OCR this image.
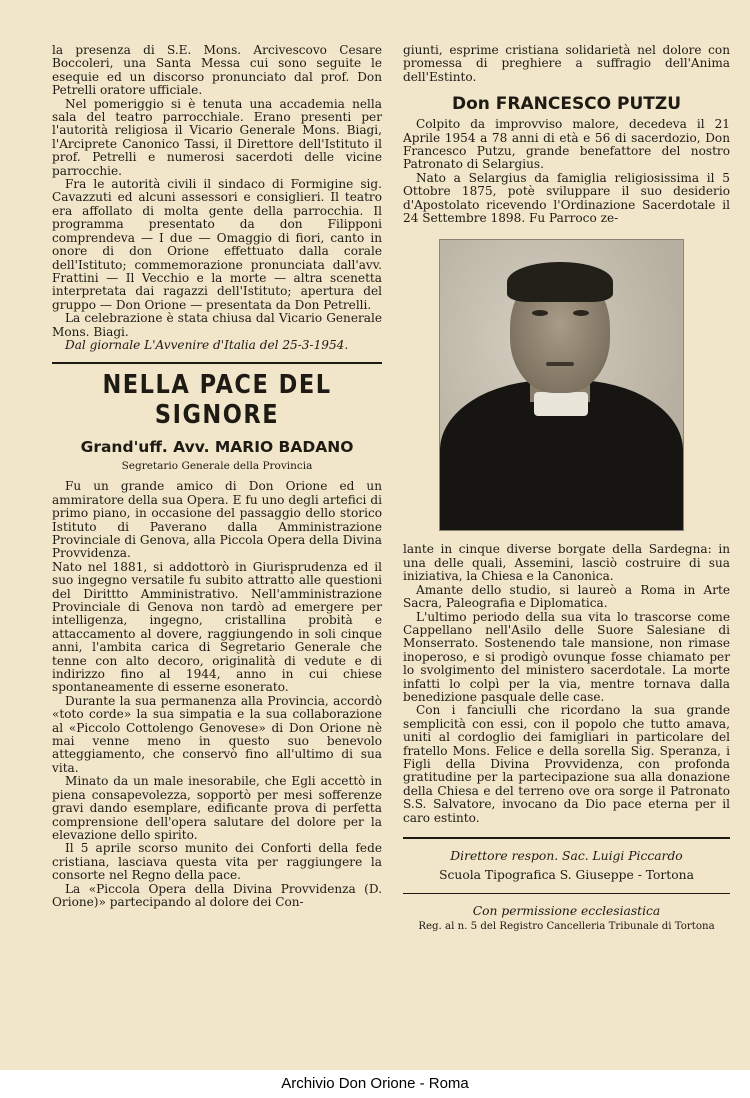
la presenza di S.E. Mons. Arcivescovo Cesare Boccoleri, una Santa Messa cui sono seguite le esequie ed un discorso pronunciato dal prof. Don Petrelli oratore ufficiale.

Nel pomeriggio si è tenuta una accademia nella sala del teatro parrocchiale. Erano presenti per l'autorità religiosa il Vicario Generale Mons. Biagi, l'Arciprete Canonico Tassi, il Direttore dell'Istituto il prof. Petrelli e numerosi sacerdoti delle vicine parrocchie.

Fra le autorità civili il sindaco di Formigine sig. Cavazzuti ed alcuni assessori e consiglieri. Il teatro era affollato di molta gente della parrocchia. Il programma presentato da don Filipponi comprendeva — I due — Omaggio di fiori, canto in onore di don Orione effettuato dalla corale dell'Istituto; commemorazione pronunciata dall'avv. Frattini — Il Vecchio e la morte — altra scenetta interpretata dai ragazzi dell'Istituto; apertura del gruppo — Don Orione — presentata da Don Petrelli.

La celebrazione è stata chiusa dal Vicario Generale Mons. Biagi.

Dal giornale L'Avvenire d'Italia del 25-3-1954.

NELLA PACE DEL SIGNORE
Grand'uff. Avv. MARIO BADANO
Segretario Generale della Provincia

Fu un grande amico di Don Orione ed un ammiratore della sua Opera. E fu uno degli artefici di primo piano, in occasione del passaggio dello storico Istituto di Paverano dalla Amministrazione Provinciale di Genova, alla Piccola Opera della Divina Provvidenza.

Nato nel 1881, si addottorò in Giurisprudenza ed il suo ingegno versatile fu subito attratto alle questioni del Dirittto Amministrativo. Nell'amministrazione Provinciale di Genova non tardò ad emergere per intelligenza, ingegno, cristallina probità e attaccamento al dovere, raggiungendo in soli cinque anni, l'ambita carica di Segretario Generale che tenne con alto decoro, originalità di vedute e di indirizzo fino al 1944, anno in cui chiese spontaneamente di esserne esonerato.

Durante la sua permanenza alla Provincia, accordò «toto corde» la sua simpatia e la sua collaborazione al «Piccolo Cottolengo Genovese» di Don Orione nè mai venne meno in questo suo benevolo atteggiamento, che conservò fino all'ultimo di sua vita.

Minato da un male inesorabile, che Egli accettò in piena consapevolezza, sopportò per mesi sofferenze gravi dando esemplare, edificante prova di perfetta comprensione dell'opera salutare del dolore per la elevazione dello spirito.

Il 5 aprile scorso munito dei Conforti della fede cristiana, lasciava questa vita per raggiungere la consorte nel Regno della pace.

La «Piccola Opera della Divina Provvidenza (D. Orione)» partecipando al dolore dei Con-

giunti, esprime cristiana solidarietà nel dolore con promessa di preghiere a suffragio dell'Anima dell'Estinto.

Don FRANCESCO PUTZU

Colpito da improvviso malore, decedeva il 21 Aprile 1954 a 78 anni di età e 56 di sacerdozio, Don Francesco Putzu, grande benefattore del nostro Patronato di Selargius.

Nato a Selargius da famiglia religiosissima il 5 Ottobre 1875, potè sviluppare il suo desiderio d'Apostolato ricevendo l'Ordinazione Sacerdotale il 24 Settembre 1898. Fu Parroco ze-

lante in cinque diverse borgate della Sardegna: in una delle quali, Assemini, lasciò costruire di sua iniziativa, la Chiesa e la Canonica.

Amante dello studio, si laureò a Roma in Arte Sacra, Paleografia e Diplomatica.

L'ultimo periodo della sua vita lo trascorse come Cappellano nell'Asilo delle Suore Salesiane di Monserrato. Sostenendo tale mansione, non rimase inoperoso, e si prodigò ovunque fosse chiamato per lo svolgimento del ministero sacerdotale. La morte infatti lo colpì per la via, mentre tornava dalla benedizione pasquale delle case.

Con i fanciulli che ricordano la sua grande semplicità con essi, con il popolo che tutto amava, uniti al cordoglio dei famigliari in particolare del fratello Mons. Felice e della sorella Sig. Speranza, i Figli della Divina Provvidenza, con profonda gratitudine per la partecipazione sua alla donazione della Chiesa e del terreno ove ora sorge il Patronato S.S. Salvatore, invocano da Dio pace eterna per il caro estinto.

Direttore respon. Sac. Luigi Piccardo
Scuola Tipografica S. Giuseppe - Tortona
Con permissione ecclesiastica
Reg. al n. 5 del Registro Cancelleria Tribunale di Tortona
Archivio Don Orione - Roma
